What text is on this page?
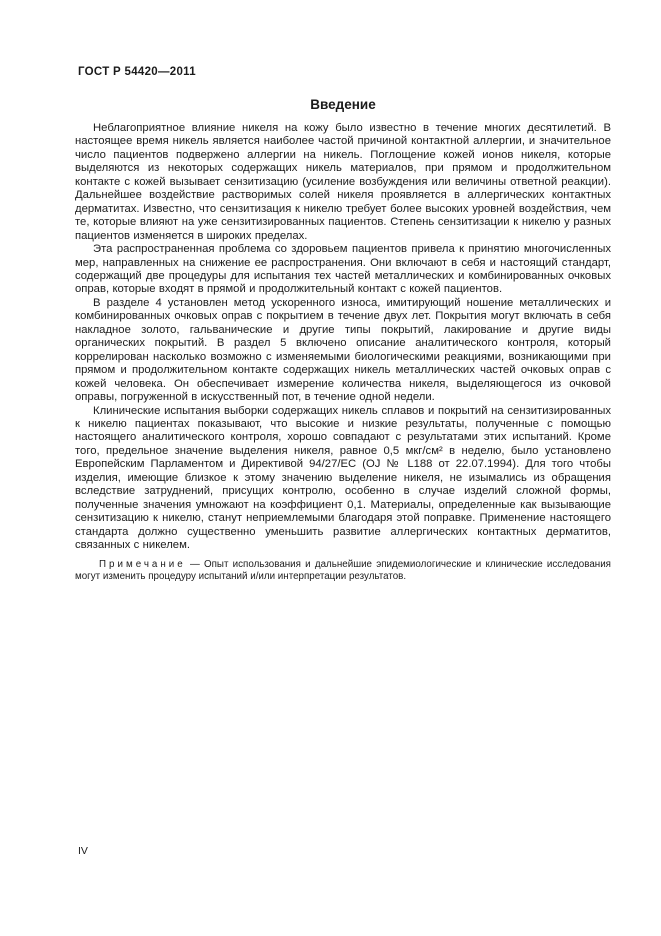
ГОСТ Р 54420—2011
Введение

Неблагоприятное влияние никеля на кожу было известно в течение многих десятилетий. В настоящее время никель является наиболее частой причиной контактной аллергии, и значительное число пациентов подвержено аллергии на никель. Поглощение кожей ионов никеля, которые выделяются из некоторых содержащих никель материалов, при прямом и продолжительном контакте с кожей вызывает сензитизацию (усиление возбуждения или величины ответной реакции). Дальнейшее воздействие растворимых солей никеля проявляется в аллергических контактных дерматитах. Известно, что сензитизация к никелю требует более высоких уровней воздействия, чем те, которые влияют на уже сензитизированных пациентов. Степень сензитизации к никелю у разных пациентов изменяется в широких пределах.

Эта распространенная проблема со здоровьем пациентов привела к принятию многочисленных мер, направленных на снижение ее распространения. Они включают в себя и настоящий стандарт, содержащий две процедуры для испытания тех частей металлических и комбинированных очковых оправ, которые входят в прямой и продолжительный контакт с кожей пациентов.

В разделе 4 установлен метод ускоренного износа, имитирующий ношение металлических и комбинированных очковых оправ с покрытием в течение двух лет. Покрытия могут включать в себя накладное золото, гальванические и другие типы покрытий, лакирование и другие виды органических покрытий. В раздел 5 включено описание аналитического контроля, который коррелирован насколько возможно с изменяемыми биологическими реакциями, возникающими при прямом и продолжительном контакте содержащих никель металлических частей очковых оправ с кожей человека. Он обеспечивает измерение количества никеля, выделяющегося из очковой оправы, погруженной в искусственный пот, в течение одной недели.

Клинические испытания выборки содержащих никель сплавов и покрытий на сензитизированных к никелю пациентах показывают, что высокие и низкие результаты, полученные с помощью настоящего аналитического контроля, хорошо совпадают с результатами этих испытаний. Кроме того, предельное значение выделения никеля, равное 0,5 мкг/см² в неделю, было установлено Европейским Парламентом и Директивой 94/27/ЕС (OJ № L188 от 22.07.1994). Для того чтобы изделия, имеющие близкое к этому значению выделение никеля, не изымались из обращения вследствие затруднений, присущих контролю, особенно в случае изделий сложной формы, полученные значения умножают на коэффициент 0,1. Материалы, определенные как вызывающие сензитизацию к никелю, станут неприемлемыми благодаря этой поправке. Применение настоящего стандарта должно существенно уменьшить развитие аллергических контактных дерматитов, связанных с никелем.

Примечание — Опыт использования и дальнейшие эпидемиологические и клинические исследования могут изменить процедуру испытаний и/или интерпретации результатов.

IV
